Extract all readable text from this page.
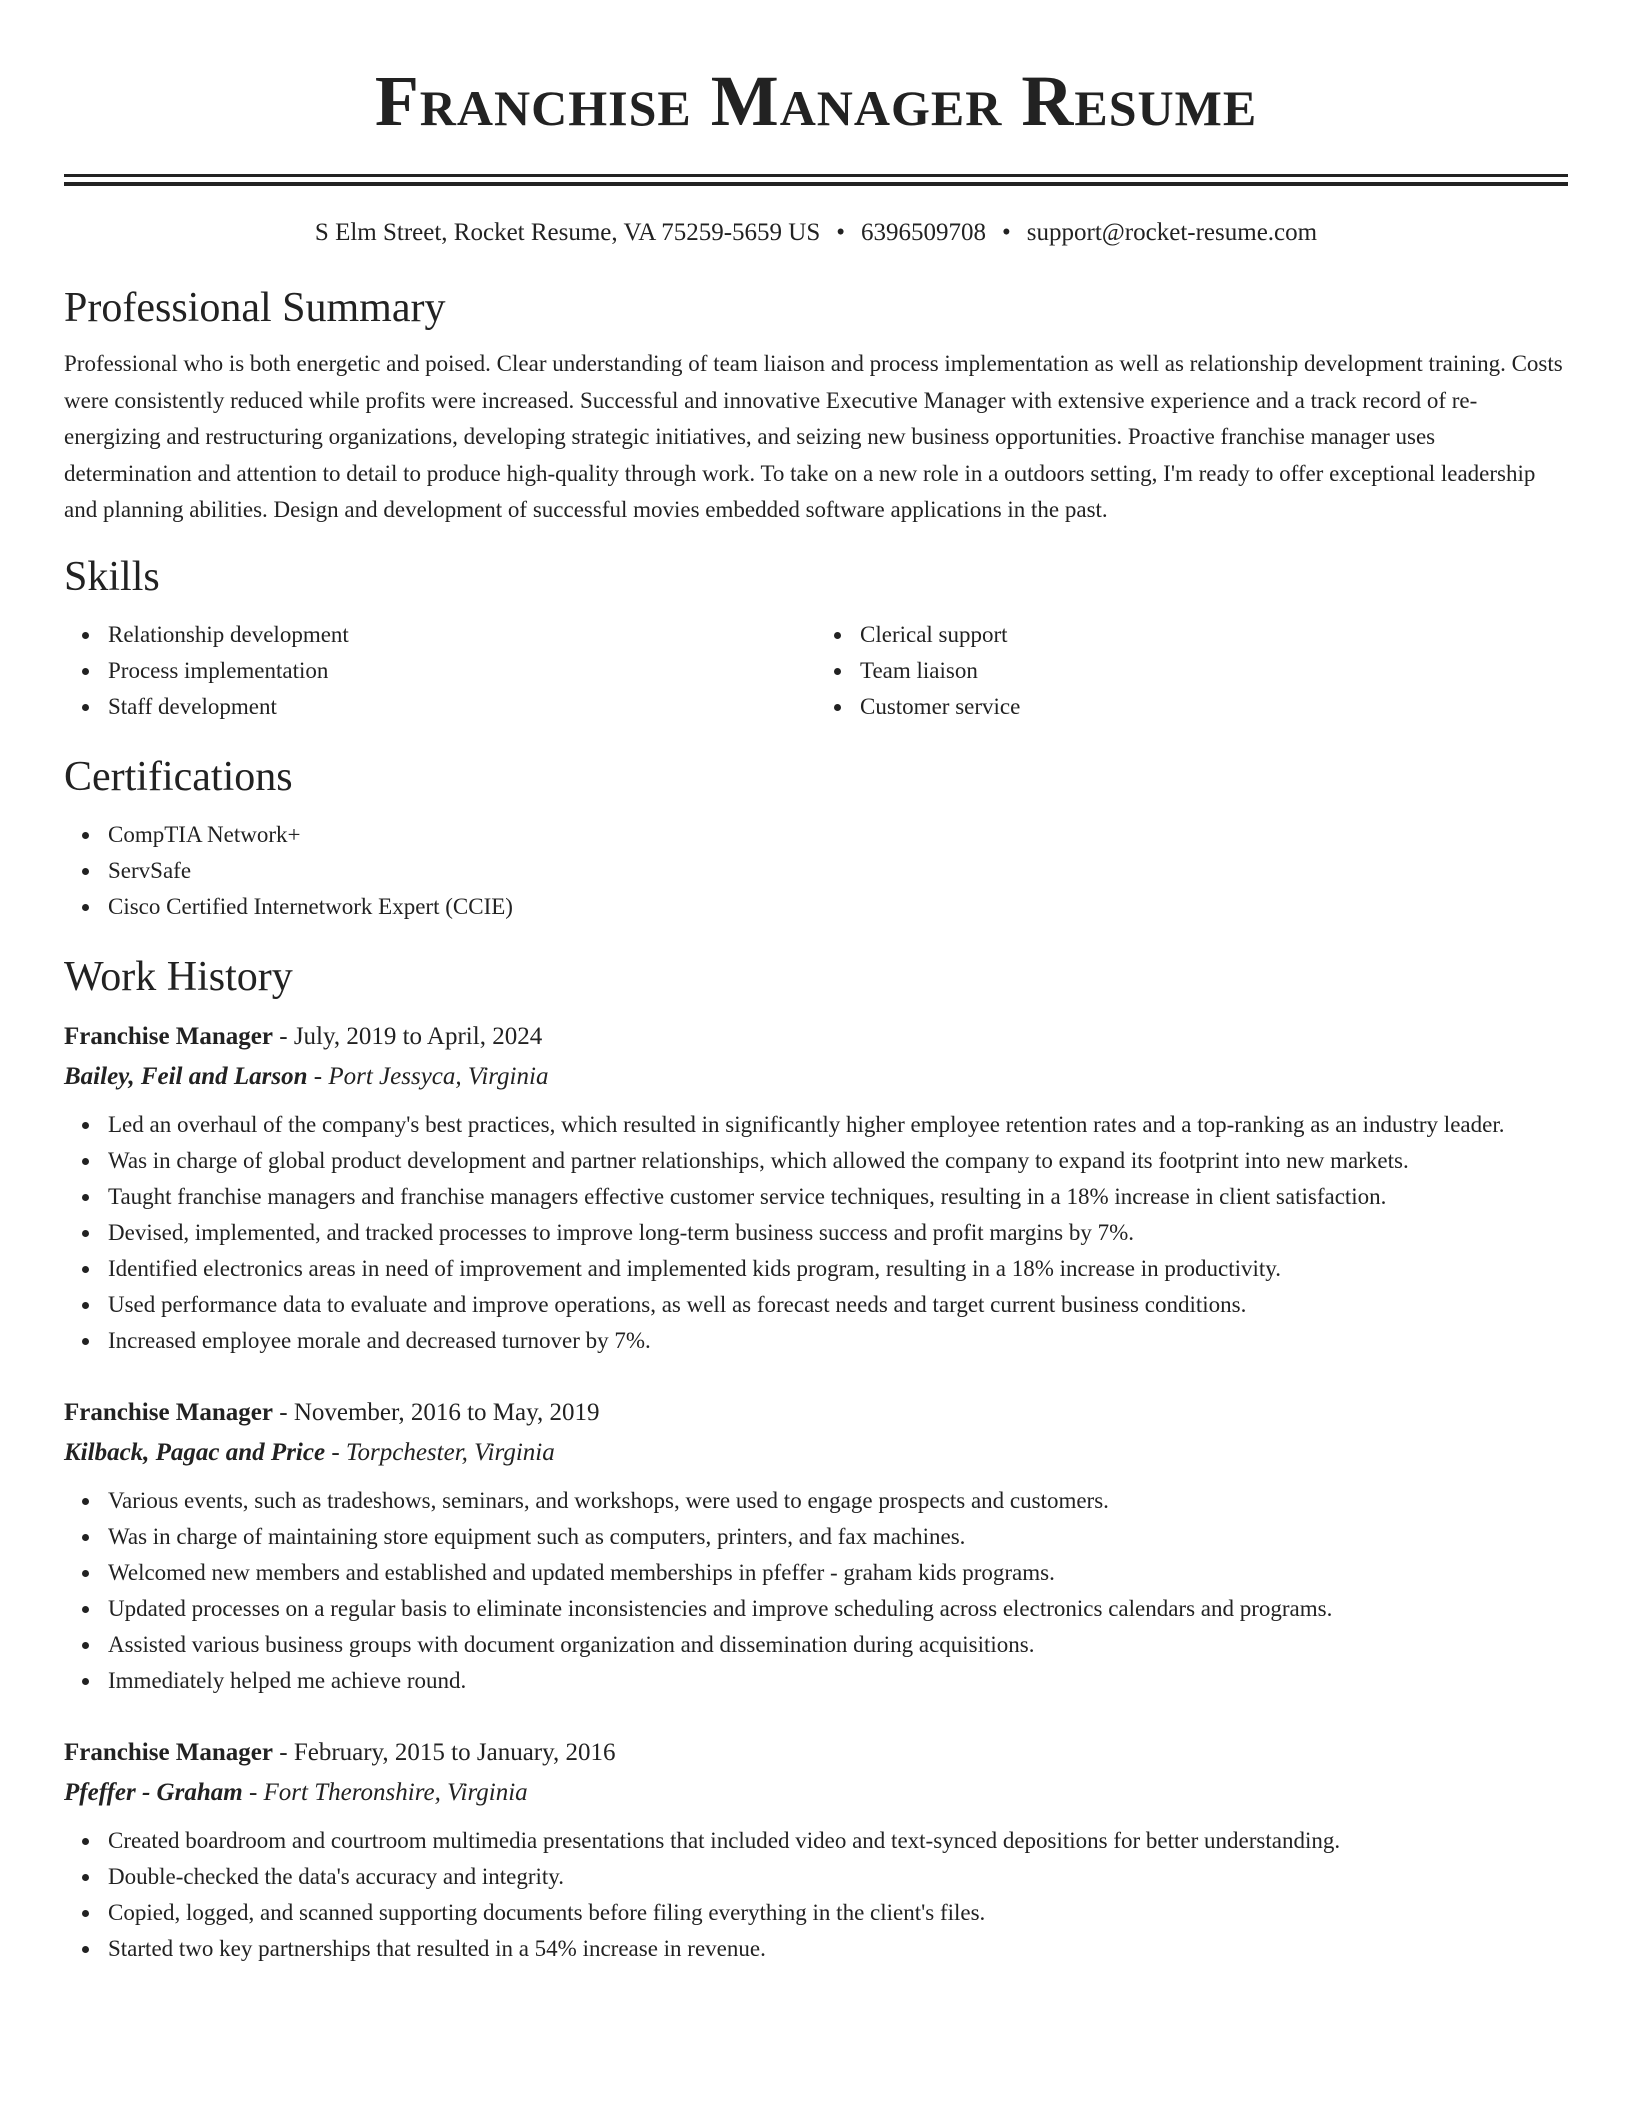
Franchise Manager Resume
S Elm Street, Rocket Resume, VA 75259-5659 US • 6396509708 • support@rocket-resume.com
Professional Summary

Professional who is both energetic and poised. Clear understanding of team liaison and process implementation as well as relationship development training. Costs were consistently reduced while profits were increased. Successful and innovative Executive Manager with extensive experience and a track record of re-energizing and restructuring organizations, developing strategic initiatives, and seizing new business opportunities. Proactive franchise manager uses determination and attention to detail to produce high-quality through work. To take on a new role in a outdoors setting, I'm ready to offer exceptional leadership and planning abilities. Design and development of successful movies embedded software applications in the past.

Skills
Relationship development
Process implementation
Staff development
Clerical support
Team liaison
Customer service
Certifications
CompTIA Network+
ServSafe
Cisco Certified Internetwork Expert (CCIE)
Work History
Franchise Manager - July, 2019 to April, 2024
Bailey, Feil and Larson - Port Jessyca, Virginia
Led an overhaul of the company's best practices, which resulted in significantly higher employee retention rates and a top-ranking as an industry leader.
Was in charge of global product development and partner relationships, which allowed the company to expand its footprint into new markets.
Taught franchise managers and franchise managers effective customer service techniques, resulting in a 18% increase in client satisfaction.
Devised, implemented, and tracked processes to improve long-term business success and profit margins by 7%.
Identified electronics areas in need of improvement and implemented kids program, resulting in a 18% increase in productivity.
Used performance data to evaluate and improve operations, as well as forecast needs and target current business conditions.
Increased employee morale and decreased turnover by 7%.
Franchise Manager - November, 2016 to May, 2019
Kilback, Pagac and Price - Torpchester, Virginia
Various events, such as tradeshows, seminars, and workshops, were used to engage prospects and customers.
Was in charge of maintaining store equipment such as computers, printers, and fax machines.
Welcomed new members and established and updated memberships in pfeffer - graham kids programs.
Updated processes on a regular basis to eliminate inconsistencies and improve scheduling across electronics calendars and programs.
Assisted various business groups with document organization and dissemination during acquisitions.
Immediately helped me achieve round.
Franchise Manager - February, 2015 to January, 2016
Pfeffer - Graham - Fort Theronshire, Virginia
Created boardroom and courtroom multimedia presentations that included video and text-synced depositions for better understanding.
Double-checked the data's accuracy and integrity.
Copied, logged, and scanned supporting documents before filing everything in the client's files.
Started two key partnerships that resulted in a 54% increase in revenue.
